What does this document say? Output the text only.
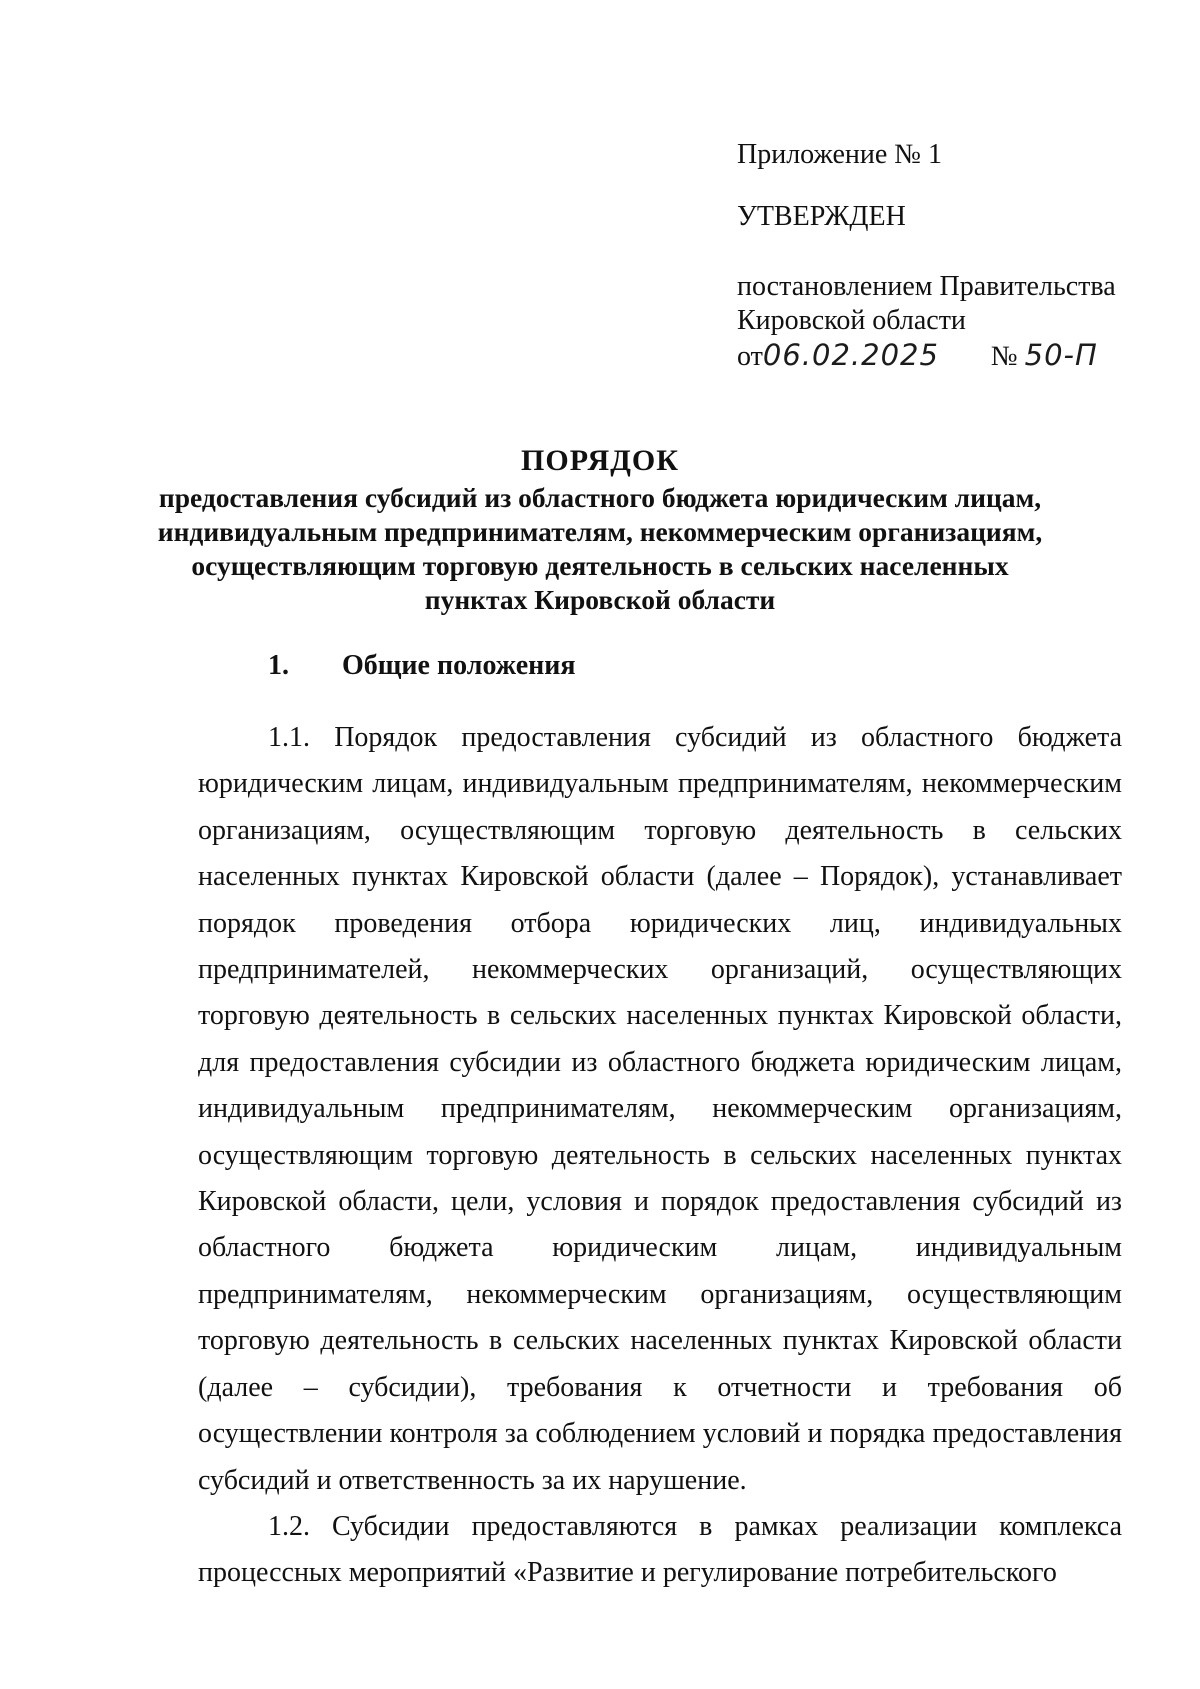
Приложение № 1
УТВЕРЖДЕН
постановлением Правительства
Кировской области
от06.02.2025 № 50-П
ПОРЯДОК
предоставления субсидий из областного бюджета юридическим лицам, индивидуальным предпринимателям, некоммерческим организациям, осуществляющим торговую деятельность в сельских населенных пунктах Кировской области
1. Общие положения

1.1. Порядок предоставления субсидий из областного бюджета юридическим лицам, индивидуальным предпринимателям, некоммерческим организациям, осуществляющим торговую деятельность в сельских населенных пунктах Кировской области (далее – Порядок), устанавливает порядок проведения отбора юридических лиц, индивидуальных предпринимателей, некоммерческих организаций, осуществляющих торговую деятельность в сельских населенных пунктах Кировской области, для предоставления субсидии из областного бюджета юридическим лицам, индивидуальным предпринимателям, некоммерческим организациям, осуществляющим торговую деятельность в сельских населенных пунктах Кировской области, цели, условия и порядок предоставления субсидий из областного бюджета юридическим лицам, индивидуальным предпринимателям, некоммерческим организациям, осуществляющим торговую деятельность в сельских населенных пунктах Кировской области (далее – субсидии), требования к отчетности и требования об осуществлении контроля за соблюдением условий и порядка предоставления субсидий и ответственность за их нарушение.

1.2. Субсидии предоставляются в рамках реализации комплекса процессных мероприятий «Развитие и регулирование потребительского
